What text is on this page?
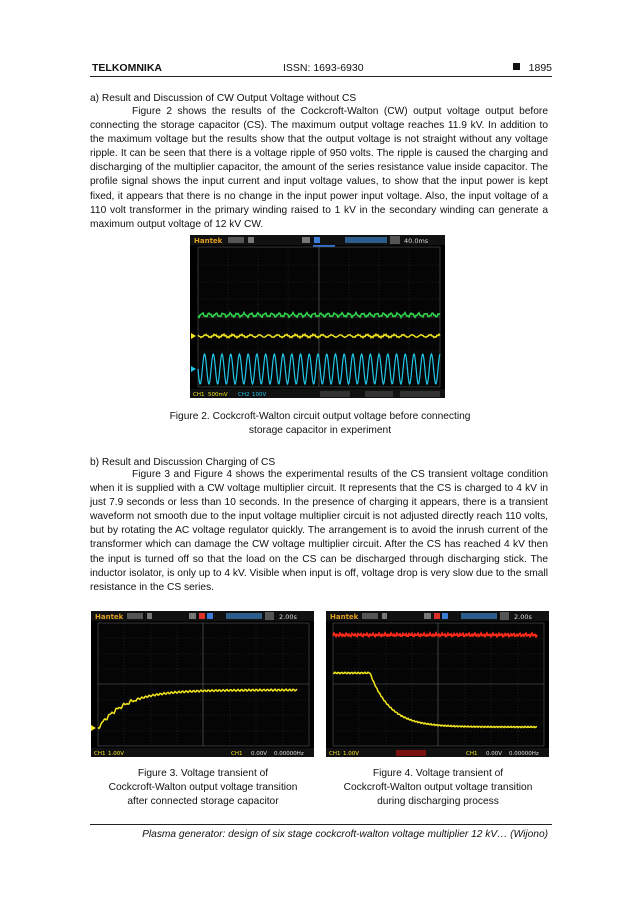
TELKOMNIKA	ISSN: 1693-6930	1895
a) Result and Discussion of CW Output Voltage without CS
Figure 2 shows the results of the Cockcroft-Walton (CW) output voltage output before connecting the storage capacitor (CS). The maximum output voltage reaches 11.9 kV. In addition to the maximum voltage but the results show that the output voltage is not straight without any voltage ripple. It can be seen that there is a voltage ripple of 950 volts. The ripple is caused the charging and discharging of the multiplier capacitor, the amount of the series resistance value inside capacitor. The profile signal shows the input current and input voltage values, to show that the input power is kept fixed, it appears that there is no change in the input power input voltage. Also, the input voltage of a 110 volt transformer in the primary winding raised to 1 kV in the secondary winding can generate a maximum output voltage of 12 kV CW.
Hantek	40.0ms
CH1 500mV CH2 100V
Figure 2. Cockcroft-Walton circuit output voltage before connecting
storage capacitor in experiment
b) Result and Discussion Charging of CS
Figure 3 and Figure 4 shows the experimental results of the CS transient voltage condition when it is supplied with a CW voltage multiplier circuit. It represents that the CS is charged to 4 kV in just 7.9 seconds or less than 10 seconds. In the presence of charging it appears, there is a transient waveform not smooth due to the input voltage multiplier circuit is not adjusted directly reach 110 volts, but by rotating the AC voltage regulator quickly. The arrangement is to avoid the inrush current of the transformer which can damage the CW voltage multiplier circuit. After the CS has reached 4 kV then the input is turned off so that the load on the CS can be discharged through discharging stick. The inductor isolator, is only up to 4 kV. Visible when input is off, voltage drop is very slow due to the small resistance in the CS series.
Hantek	2.00s
CH1 1.00V	CH1 0.00V 0.00000Hz
Hantek	2.00s
CH1 1.00V	CH1 0.00V 0.00000Hz
Figure 3. Voltage transient of
Cockcroft-Walton output voltage transition
after connected storage capacitor
Figure 4. Voltage transient of
Cockcroft-Walton output voltage transition
during discharging process
Plasma generator: design of six stage cockcroft-walton voltage multiplier 12 kV… (Wijono)
